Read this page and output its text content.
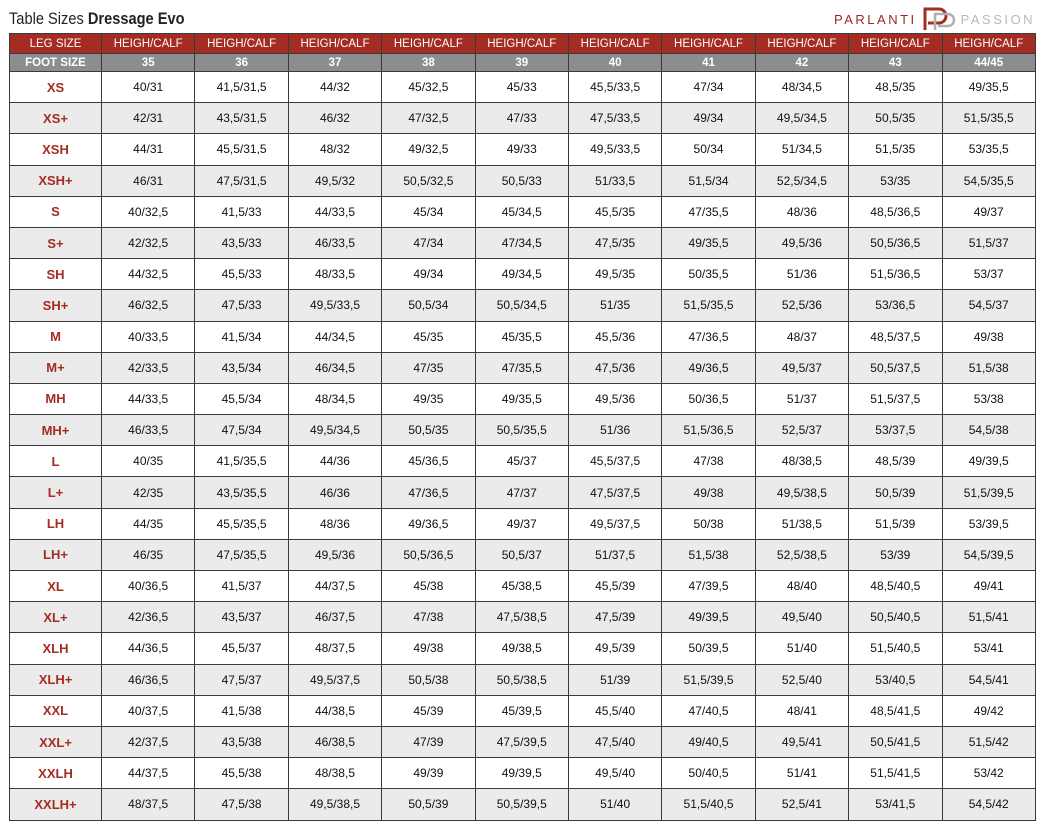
Table Sizes Dressage Evo	PARLANTI	PASSION
LEG SIZE	HEIGH/CALF	HEIGH/CALF	HEIGH/CALF	HEIGH/CALF	HEIGH/CALF	HEIGH/CALF	HEIGH/CALF	HEIGH/CALF	HEIGH/CALF	HEIGH/CALF
FOOT SIZE	35	36	37	38	39	40	41	42	43	44/45
XS	40/31	41,5/31,5	44/32	45/32,5	45/33	45,5/33,5	47/34	48/34,5	48,5/35	49/35,5
XS+	42/31	43,5/31,5	46/32	47/32,5	47/33	47,5/33,5	49/34	49,5/34,5	50,5/35	51,5/35,5
XSH	44/31	45,5/31,5	48/32	49/32,5	49/33	49,5/33,5	50/34	51/34,5	51,5/35	53/35,5
XSH+	46/31	47,5/31,5	49,5/32	50,5/32,5	50,5/33	51/33,5	51,5/34	52,5/34,5	53/35	54,5/35,5
S	40/32,5	41,5/33	44/33,5	45/34	45/34,5	45,5/35	47/35,5	48/36	48,5/36,5	49/37
S+	42/32,5	43,5/33	46/33,5	47/34	47/34,5	47,5/35	49/35,5	49,5/36	50,5/36,5	51,5/37
SH	44/32,5	45,5/33	48/33,5	49/34	49/34,5	49,5/35	50/35,5	51/36	51,5/36,5	53/37
SH+	46/32,5	47,5/33	49,5/33,5	50,5/34	50,5/34,5	51/35	51,5/35,5	52,5/36	53/36,5	54,5/37
M	40/33,5	41,5/34	44/34,5	45/35	45/35,5	45,5/36	47/36,5	48/37	48,5/37,5	49/38
M+	42/33,5	43,5/34	46/34,5	47/35	47/35,5	47,5/36	49/36,5	49,5/37	50,5/37,5	51,5/38
MH	44/33,5	45,5/34	48/34,5	49/35	49/35,5	49,5/36	50/36,5	51/37	51,5/37,5	53/38
MH+	46/33,5	47,5/34	49,5/34,5	50,5/35	50,5/35,5	51/36	51,5/36,5	52,5/37	53/37,5	54,5/38
L	40/35	41,5/35,5	44/36	45/36,5	45/37	45,5/37,5	47/38	48/38,5	48,5/39	49/39,5
L+	42/35	43,5/35,5	46/36	47/36,5	47/37	47,5/37,5	49/38	49,5/38,5	50,5/39	51,5/39,5
LH	44/35	45,5/35,5	48/36	49/36,5	49/37	49,5/37,5	50/38	51/38,5	51,5/39	53/39,5
LH+	46/35	47,5/35,5	49,5/36	50,5/36,5	50,5/37	51/37,5	51,5/38	52,5/38,5	53/39	54,5/39,5
XL	40/36,5	41,5/37	44/37,5	45/38	45/38,5	45,5/39	47/39,5	48/40	48,5/40,5	49/41
XL+	42/36,5	43,5/37	46/37,5	47/38	47,5/38,5	47,5/39	49/39,5	49,5/40	50,5/40,5	51,5/41
XLH	44/36,5	45,5/37	48/37,5	49/38	49/38,5	49,5/39	50/39,5	51/40	51,5/40,5	53/41
XLH+	46/36,5	47,5/37	49,5/37,5	50,5/38	50,5/38,5	51/39	51,5/39,5	52,5/40	53/40,5	54,5/41
XXL	40/37,5	41,5/38	44/38,5	45/39	45/39,5	45,5/40	47/40,5	48/41	48,5/41,5	49/42
XXL+	42/37,5	43,5/38	46/38,5	47/39	47,5/39,5	47,5/40	49/40,5	49,5/41	50,5/41,5	51,5/42
XXLH	44/37,5	45,5/38	48/38,5	49/39	49/39,5	49,5/40	50/40,5	51/41	51,5/41,5	53/42
XXLH+	48/37,5	47,5/38	49,5/38,5	50,5/39	50,5/39,5	51/40	51,5/40,5	52,5/41	53/41,5	54,5/42
